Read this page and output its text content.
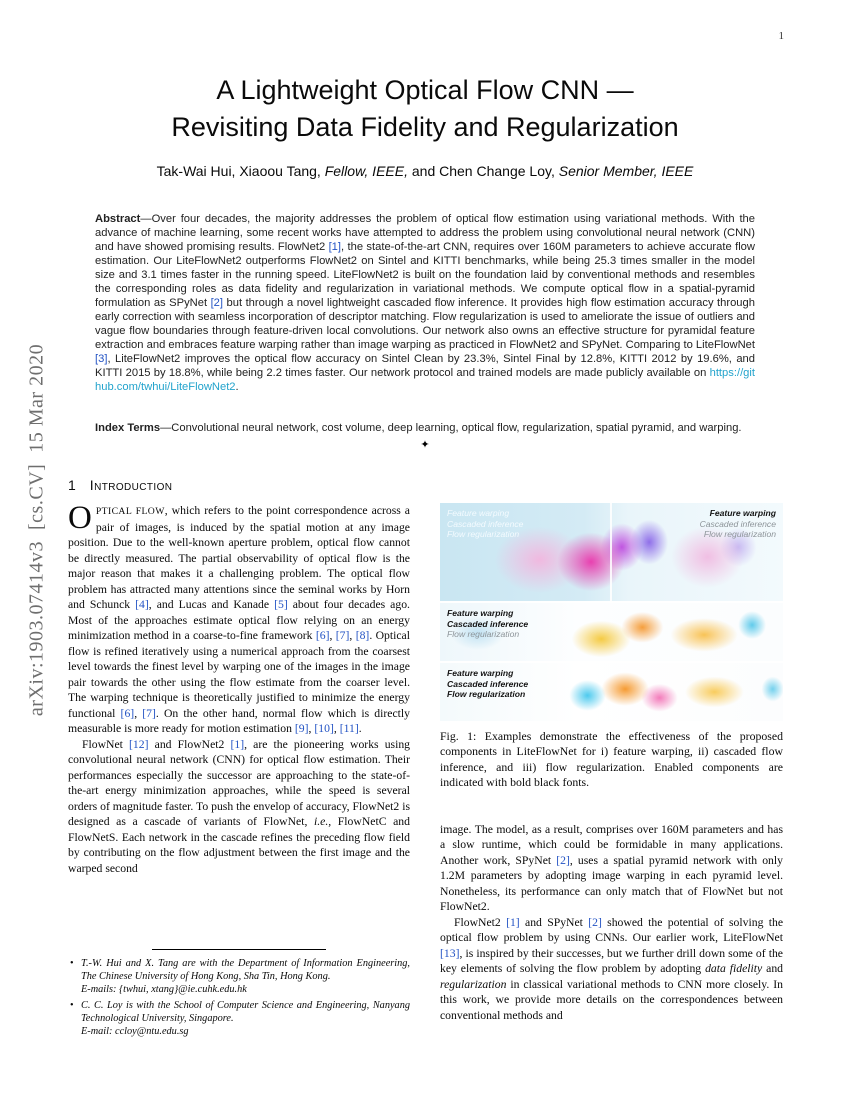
1
arXiv:1903.07414v3  [cs.CV]  15 Mar 2020
A Lightweight Optical Flow CNN —
Revisiting Data Fidelity and Regularization
Tak-Wai Hui, Xiaoou Tang, Fellow, IEEE, and Chen Change Loy, Senior Member, IEEE
Abstract—Over four decades, the majority addresses the problem of optical flow estimation using variational methods. With the advance of machine learning, some recent works have attempted to address the problem using convolutional neural network (CNN) and have showed promising results. FlowNet2 [1], the state-of-the-art CNN, requires over 160M parameters to achieve accurate flow estimation. Our LiteFlowNet2 outperforms FlowNet2 on Sintel and KITTI benchmarks, while being 25.3 times smaller in the model size and 3.1 times faster in the running speed. LiteFlowNet2 is built on the foundation laid by conventional methods and resembles the corresponding roles as data fidelity and regularization in variational methods. We compute optical flow in a spatial-pyramid formulation as SPyNet [2] but through a novel lightweight cascaded flow inference. It provides high flow estimation accuracy through early correction with seamless incorporation of descriptor matching. Flow regularization is used to ameliorate the issue of outliers and vague flow boundaries through feature-driven local convolutions. Our network also owns an effective structure for pyramidal feature extraction and embraces feature warping rather than image warping as practiced in FlowNet2 and SPyNet. Comparing to LiteFlowNet [3], LiteFlowNet2 improves the optical flow accuracy on Sintel Clean by 23.3%, Sintel Final by 12.8%, KITTI 2012 by 19.6%, and KITTI 2015 by 18.8%, while being 2.2 times faster. Our network protocol and trained models are made publicly available on https://github.com/twhui/LiteFlowNet2.
Index Terms—Convolutional neural network, cost volume, deep learning, optical flow, regularization, spatial pyramid, and warping.
✦
1 Introduction

OPTICAL FLOW, which refers to the point correspondence across a pair of images, is induced by the spatial motion at any image position. Due to the well-known aperture problem, optical flow cannot be directly measured. The partial observability of optical flow is the major reason that makes it a challenging problem. The optical flow problem has attracted many attentions since the seminal works by Horn and Schunck [4], and Lucas and Kanade [5] about four decades ago. Most of the approaches estimate optical flow relying on an energy minimization method in a coarse-to-fine framework [6], [7], [8]. Optical flow is refined iteratively using a numerical approach from the coarsest level towards the finest level by warping one of the images in the image pair towards the other using the flow estimate from the coarser level. The warping technique is theoretically justified to minimize the energy functional [6], [7]. On the other hand, normal flow which is directly measurable is more ready for motion estimation [9], [10], [11].

FlowNet [12] and FlowNet2 [1], are the pioneering works using convolutional neural network (CNN) for optical flow estimation. Their performances especially the successor are approaching to the state-of-the-art energy minimization approaches, while the speed is several orders of magnitude faster. To push the envelop of accuracy, FlowNet2 is designed as a cascade of variants of FlowNet, i.e., FlowNetC and FlowNetS. Each network in the cascade refines the preceding flow field by contributing on the flow adjustment between the first image and the warped second

Feature warping
Cascaded inference
Flow regularization
Feature warping
Cascaded inference
Flow regularization
Feature warping
Cascaded inference
Flow regularization
Feature warping
Cascaded inference
Flow regularization
Fig. 1: Examples demonstrate the effectiveness of the proposed components in LiteFlowNet for i) feature warping, ii) cascaded flow inference, and iii) flow regularization. Enabled components are indicated with bold black fonts.

image. The model, as a result, comprises over 160M parameters and has a slow runtime, which could be formidable in many applications. Another work, SPyNet [2], uses a spatial pyramid network with only 1.2M parameters by adopting image warping in each pyramid level. Nonetheless, its performance can only match that of FlowNet but not FlowNet2.

FlowNet2 [1] and SPyNet [2] showed the potential of solving the optical flow problem by using CNNs. Our earlier work, LiteFlowNet [13], is inspired by their successes, but we further drill down some of the key elements of solving the flow problem by adopting data fidelity and regularization in classical variational methods to CNN more closely. In this work, we provide more details on the correspondences between conventional methods and

• T.-W. Hui and X. Tang are with the Department of Information Engineering, The Chinese University of Hong Kong, Sha Tin, Hong Kong.
E-mails: {twhui, xtang}@ie.cuhk.edu.hk
• C. C. Loy is with the School of Computer Science and Engineering, Nanyang Technological University, Singapore.
E-mail: ccloy@ntu.edu.sg
